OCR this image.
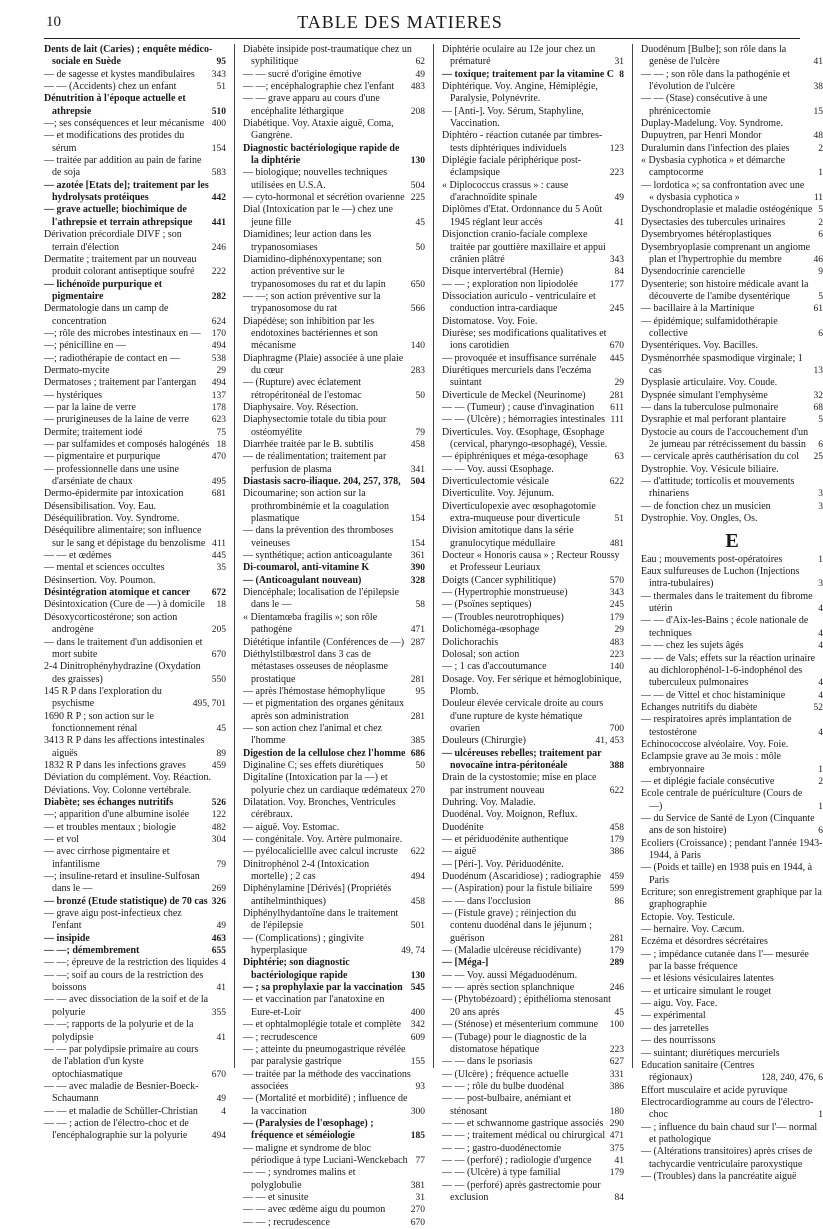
10	TABLE DES MATIERES
Dents de lait (Caries) ; enquête médico-sociale en Suède	95
— de sagesse et kystes mandibulaires	343
— — (Accidents) chez un enfant	51
Dénutrition à l'époque actuelle et athrepsie	510
—; ses conséquences et leur mécanisme 400
— et modifications des protides du sérum	154
— traitée par addition au pain de farine de soja	583
— azotée [Etats de]; traitement par les hydrolysats protéiques	442
— grave actuelle; biochimique de l'athrepsie et terrain athrepsique	441
Dérivation précordiale DIVF ; son terrain d'élection	246
Dermatite ; traitement par un nouveau produit colorant antiseptique soufré	222
— lichénoïde purpurique et pigmentaire	282
Dermatologie dans un camp de concentration	624
—; rôle des microbes intestinaux en —	170
—; pénicilline en —	494
—; radiothérapie de contact en —	538
Dermato-mycite	29
Dermatoses ; traitement par l'antergan	494
— hystériques	137
— par la laine de verre	178
— prurigineuses de la laine de verre	623
Dermite; traitement iodé	75
— par sulfamides et composés halogénés 18
— pigmentaire et purpurique	470
— professionnelle dans une usine d'arséniate de chaux	495
Dermo-épidermite par intoxication	681
Désensibilisation. Voy. Eau.
Déséquilibration. Voy. Syndrome.
Déséquilibre alimentaire; son influence sur le sang et dépistage du benzolisme 411
— — et œdèmes	445
— mental et sciences occultes	35
Désinsertion. Voy. Poumon.
Désintégration atomique et cancer	672
Désintoxication (Cure de —) à domicile	18
Désoxycorticostérone; son action androgène	205
— dans le traitement d'un addisonien et mort subite	670
2-4 Dinitrophényhydrazine (Oxydation des graisses)	550
145 R P dans l'exploration du psychisme	495, 701
1690 R P ; son action sur le fonctionnement rénal	45
3413 R P dans les affections intestinales aiguës	89
1832 R P dans les infections graves	459
Déviation du complément. Voy. Réaction.
Déviations. Voy. Colonne vertébrale.
Diabète; ses échanges nutritifs	526
—; apparition d'une albumine isolée	122
— et troubles mentaux ; biologie	482
— et vol	304
— avec cirrhose pigmentaire et infantilisme	79
—; insuline-retard et insuline-Sulfosan dans le —	269
— bronzé (Etude statistique) de 70 cas 326
— grave aigu post-infectieux chez l'enfant	49
— insipide	463
— —; démembrement	655
— —; épreuve de la restriction des liquides 4
— —; soif au cours de la restriction des boissons	41
— — avec dissociation de la soif et de la polyurie	355
— —; rapports de la polyurie et de la polydipsie	41
— — par polydipsie primaire au cours de l'ablation d'un kyste optochiasmatique	670
— — avec maladie de Besnier-Boeck-Schaumann	49
— — et maladie de Schüller-Christian	4
— — ; action de l'électro-choc et de l'encéphalographie sur la polyurie	494
Diabète insipide post-traumatique chez un syphilitique	62
— — sucré d'origine émotive	49
— —; encéphalographie chez l'enfant	483
— — grave apparu au cours d'une encéphalite léthargique	208
Diabétique. Voy. Ataxie aiguë, Coma, Gangrène.
Diagnostic bactériologique rapide de la diphtérie	130
— biologique; nouvelles techniques utilisées en U.S.A.	504
— cyto-hormonal et sécrétion ovarienne 225
Dial (Intoxication par le —) chez une jeune fille	45
Diamidines; leur action dans les trypanosomiases	50
Diamidino-diphénoxypentane; son action préventive sur le trypanosomoses du rat et du lapin	650
— —; son action préventive sur la trypanosomose du rat	566
Diapédèse; son inhibition par les endotoxines bactériennes et son mécanisme	140
Diaphragme (Plaie) associée à une plaie du cœur	283
— (Rupture) avec éclatement rétropéritonéal de l'estomac	50
Diaphysaire. Voy. Résection.
Diaphysectomie totale du tibia pour ostéomyélite	79
Diarrhée traitée par le B. subtilis	458
— de réalimentation; traitement par perfusion de plasma	341
Diastasis sacro-iliaque. 204, 257, 378,	504
Dicoumarine; son action sur la prothrombinémie et la coagulation plasmatique	154
— dans la prévention des thromboses veineuses	154
— synthétique; action anticoagulante	361
Di-coumarol, anti-vitamine K	390
— (Anticoagulant nouveau)	328
Diencéphale; localisation de l'épilepsie dans le —	58
« Dientamœba fragilis »; son rôle pathogène	471
Diététique infantile (Conférences de —) 287
Diéthylstilbœstrol dans 3 cas de métastases osseuses de néoplasme prostatique	281
— après l'hémostase hémophylique	95
— et pigmentation des organes génitaux après son administration	281
— son action chez l'animal et chez l'homme	385
Digestion de la cellulose chez l'homme 686
Diginaline C; ses effets diurétiques	50
Digitaline (Intoxication par la —) et polyurie chez un cardiaque œdémateux 270
Dilatation. Voy. Bronches, Ventricules cérébraux.
— aiguë. Voy. Estomac.
— congénitale. Voy. Artère pulmonaire.
— pyélocaliciellle avec calcul incruste	622
Dinitrophénol 2-4 (Intoxication mortelle) ; 2 cas	494
Diphénylamine [Dérivés] (Propriétés antihelminthiques)	458
Diphénylhydantoïne dans le traitement de l'épilepsie	501
— (Complications) ; gingivite hyperplasique	49, 74
Diphtérie; son diagnostic bactériologique rapide	130
— ; sa prophylaxie par la vaccination 545
— et vaccination par l'anatoxine en Eure-et-Loir	400
— et ophtalmoplégie totale et complète	342
— ; recrudescence	609
— ; atteinte du pneumogastrique révélée par paralysie gastrique	155
— traitée par la méthode des vaccinations associées	93
— (Mortalité et morbidité) ; influence de la vaccination	300
— (Paralysies de l'œsophage) ; fréquence et séméiologie	185
— maligne et syndrome de bloc périodique à type Luciani-Wenckebach 77
— — ; syndromes malins et polyglobulie	381
— — et sinusite	31
— — avec œdème aigu du poumon	270
— — ; recrudescence	670
Diphtérie oculaire au 12e jour chez un prématuré	31
— toxique; traitement par la vitamine C 8
Diphtérique. Voy. Angine, Hémiplégie, Paralysie, Polynévrite.
— [Anti-]. Voy. Sérum, Staphyline, Vaccination.
Diphtéro - réaction cutanée par timbres-tests diphtériques individuels	123
Diplégie faciale périphérique post-éclampsique	223
« Diplococcus crassus » : cause d'arachnoïdite spinale	49
Diplômes d'Etat. Ordonnance du 5 Août 1945 réglant leur accès	41
Disjonction cranio-faciale complexe traitée par gouttière maxillaire et appui crânien plâtré	343
Disque intervertébral (Hernie)	84
— — ; exploration non lipiodolée	177
Dissociation auriculo - ventriculaire et conduction intra-cardiaque	245
Distomatose. Voy. Foie.
Diurèse; ses modifications qualitatives et ions carotidien	670
— provoquée et insuffisance surrénale	445
Diurétiques mercuriels dans l'eczéma suintant	29
Diverticule de Meckel (Neurinome)	281
— — (Tumeur) ; cause d'invagination	611
— — (Ulcère) ; hémorragies intestinales 111
Diverticules. Voy. Œsophage, Œsophage (cervical, pharyngo-œsophagé), Vessie.
— épiphréniques et méga-œsophage	63
— — Voy. aussi Œsophage.
Diverticulectomie vésicale	622
Diverticulite. Voy. Jéjunum.
Diverticulopexie avec œsophagotomie extra-muqueuse pour diverticule	51
Division amitotique dans la série granulocytique médullaire	481
Docteur « Honoris causa » ; Recteur Roussy et Professeur Leuriaux
Doigts (Cancer syphilitique)	570
— (Hypertrophie monstrueuse)	343
— (Psoïnes septiques)	245
— (Troubles neurotrophiques)	179
Dolichoméga-œsophage	29
Dolichorachis	483
Dolosal; son action	223
— ; 1 cas d'accoutumance	140
Dosage. Voy. Fer sérique et hémoglobinique, Plomb.
Douleur élevée cervicale droite au cours d'une rupture de kyste hématique ovarien	700
Douleurs (Chirurgie)	41, 453
— ulcéreuses rebelles; traitement par novocaïne intra-péritonéale	388
Drain de la cystostomie; mise en place par instrument nouveau	622
Duhring. Voy. Maladie.
Duodénal. Voy. Moignon, Reflux.
Duodénite	458
— et périduodénite authentique	179
— aiguë	386
— [Péri-]. Voy. Périduodénite.
Duodénum (Ascaridiose) ; radiographie 459
— (Aspiration) pour la fistule biliaire	599
— — dans l'occlusion	86
— (Fistule grave) ; réinjection du contenu duodénal dans le jéjunum ; guérison	281
— (Maladie ulcéreuse récidivante)	179
— [Méga-]	289
— — Voy. aussi Mégaduodénum.
— — après section splanchnique	246
— (Phytobézoard) ; épithélioma stenosant 20 ans après	45
— (Sténose) et mésenterium commune	100
— (Tubage) pour le diagnostic de la distomatose hépatique	223
— — dans le psoriasis	627
— (Ulcère) ; fréquence actuelle	331
— — ; rôle du bulbe duodénal	386
— — post-bulbaire, anémiant et sténosant	180
— — et schwannome gastrique associés 290
— — ; traitement médical ou chirurgical 471
— — ; gastro-duodénectomie	375
— — (perforé) ; radiologie d'urgence	41
— — (Ulcère) à type familial	179
— — (perforé) après gastrectomie pour exclusion	84
Duodénum [Bulbe]; son rôle dans la genèse de l'ulcère	41
— — ; son rôle dans la pathogénie et l'évolution de l'ulcère	38
— — (Stase) consécutive à une phrénicectomie	15
Duplay-Madelung. Voy. Syndrome.
Dupuytren, par Henri Mondor	48
Duralumin dans l'infection des plaies	2
« Dysbasia cyphotica » et démarche camptocorme	1
— lordotica »; sa confrontation avec une « dysbasia cyphotica »	11
Dyschondroplasie et maladie ostéogénique 5
Dysectasies des tubercules urinaires	2
Dysembryomes hétéroplastiques	6
Dysembryoplasie comprenant un angiome plan et l'hypertrophie du membre	46
Dysendocrinie carencielle	9
Dysenterie; son histoire médicale avant la découverte de l'amibe dysentérique	5
— bacillaire à la Martinique	61
— épidémique; sulfamidothérapie collective	6
Dysentériques. Voy. Bacilles.
Dysménorrhée spasmodique virginale; 1 cas	13
Dysplasie articulaire. Voy. Coude.
Dyspnée simulant l'emphysème	32
— dans la tuberculose pulmonaire	68
Dysraphie et mal perforant plantaire	5
Dystocie au cours de l'accouchement d'un 2e jumeau par rétrécissement du bassin	6
— cervicale après cauthérisation du col	25
Dystrophie. Voy. Vésicule biliaire.
— d'attitude; torticolis et mouvements rhinariens	3
— de fonction chez un musicien	3
Dystrophie. Voy. Ongles, Os.
E
Eau ; mouvements post-opératoires	1
Eaux sulfureuses de Luchon (Injections intra-tubulaires)	3
— thermales dans le traitement du fibrome utérin	4
— — d'Aix-les-Bains ; école nationale de techniques	4
— — chez les sujets âgés	4
— — de Vals; effets sur la réaction urinaire au dichlorophénol-1-6-indophénol des tuberculeux pulmonaires	4
— — de Vittel et choc histaminique	4
Echanges nutritifs du diabète	52
— respiratoires après implantation de testostérone	4
Echinococcose alvéolaire. Voy. Foie.
Eclampsie grave au 3e mois : môle embryonnaire	1
— et diplégie faciale consécutive	2
Ecole centrale de puériculture (Cours de —)	1
— du Service de Santé de Lyon (Cinquante ans de son histoire)	6
Ecoliers (Croissance) ; pendant l'année 1943-1944, à Paris
— (Poids et taille) en 1938 puis en 1944, à Paris
Ecriture; son enregistrement graphique par la graphographie
Ectopie. Voy. Testicule.
— hernaire. Voy. Cæcum.
Eczéma et désordres sécrétaires
— ; impédance cutanée dans l'— mesurée par la basse fréquence
— et lésions vésiculaires latentes
— et urticaire simulant le rouget
— aigu. Voy. Face.
— expérimental
— des jarretelles
— des nourrissons
— suintant; diurétiques mercuriels
Education sanitaire (Centres régionaux)	128, 240, 476, 6
Effort musculaire et acide pyruvique
Electrocardiogramme au cours de l'électro-choc	1
— ; influence du bain chaud sur l'— normal et pathologique
— (Altérations transitoires) après crises de tachycardie ventriculaire paroxystique
— (Troubles) dans la pancréatite aiguë
